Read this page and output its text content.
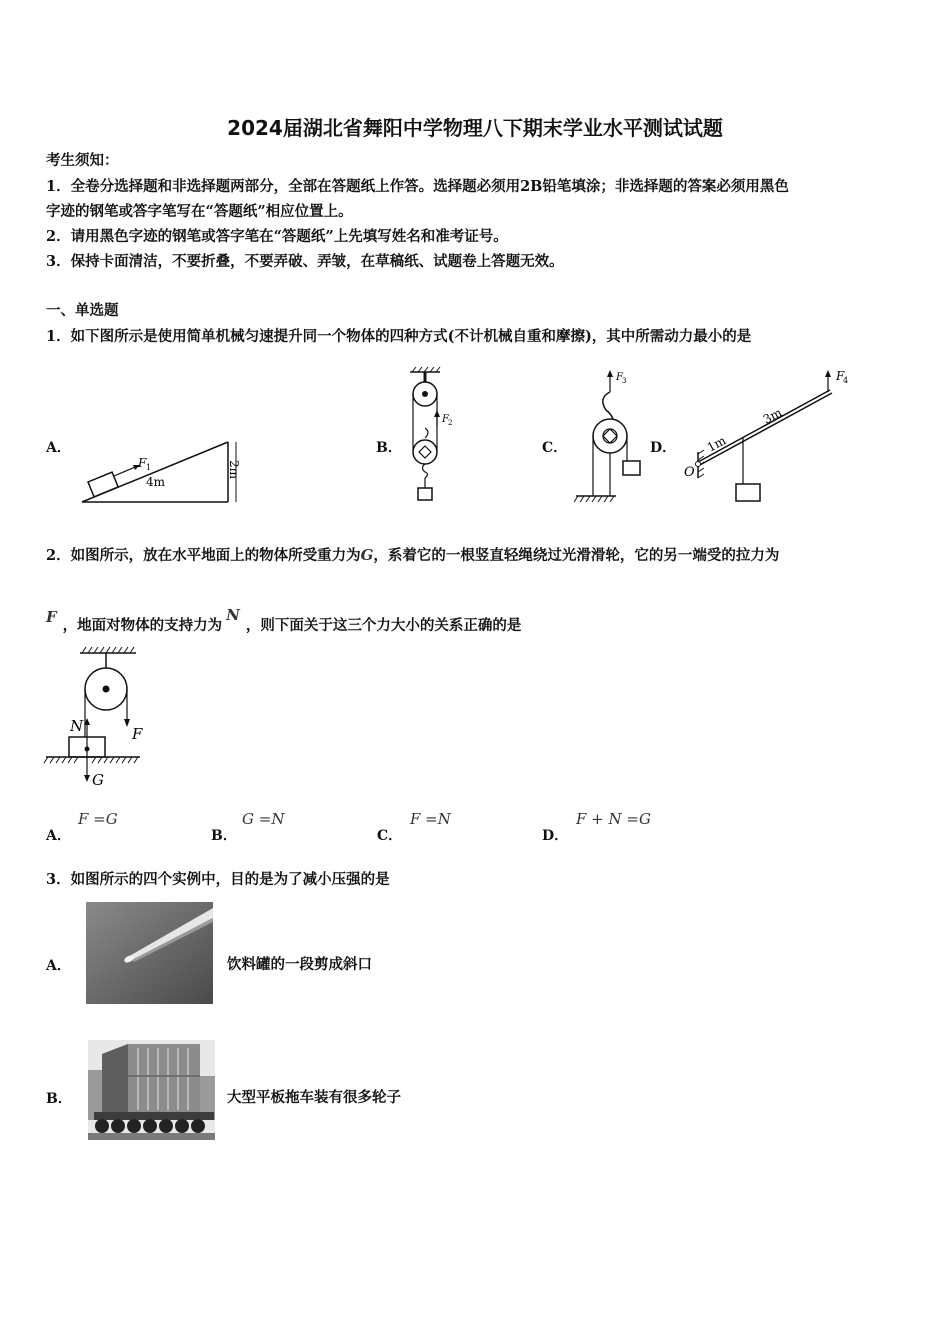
2024届湖北省舞阳中学物理八下期末学业水平测试试题
考生须知：
1．全卷分选择题和非选择题两部分，全部在答题纸上作答。选择题必须用2B铅笔填涂；非选择题的答案必须用黑色
字迹的钢笔或答字笔写在“答题纸”相应位置上。
2．请用黑色字迹的钢笔或答字笔在“答题纸”上先填写姓名和准考证号。
3．保持卡面清洁，不要折叠，不要弄破、弄皱，在草稿纸、试题卷上答题无效。
一、单选题
1．如下图所示是使用简单机械匀速提升同一个物体的四种方式(不计机械自重和摩擦)，其中所需动力最小的是
A．
F 1
4m
2m
B．
F 2
C．
F 3
D．
O
F
4
1m
3m
2．如图所示，放在水平地面上的物体所受重力为G，系着它的一根竖直轻绳绕过光滑滑轮，它的另一端受的拉力为
F ，地面对物体的支持力为N，则下面关于这三个力大小的关系正确的是
F
N
G
A．
F =G
B．
G =N
C．
F =N
D．
F + N =G
3．如图所示的四个实例中，目的是为了减小压强的是
A．	饮料罐的一段剪成斜口
B．	大型平板拖车装有很多轮子
